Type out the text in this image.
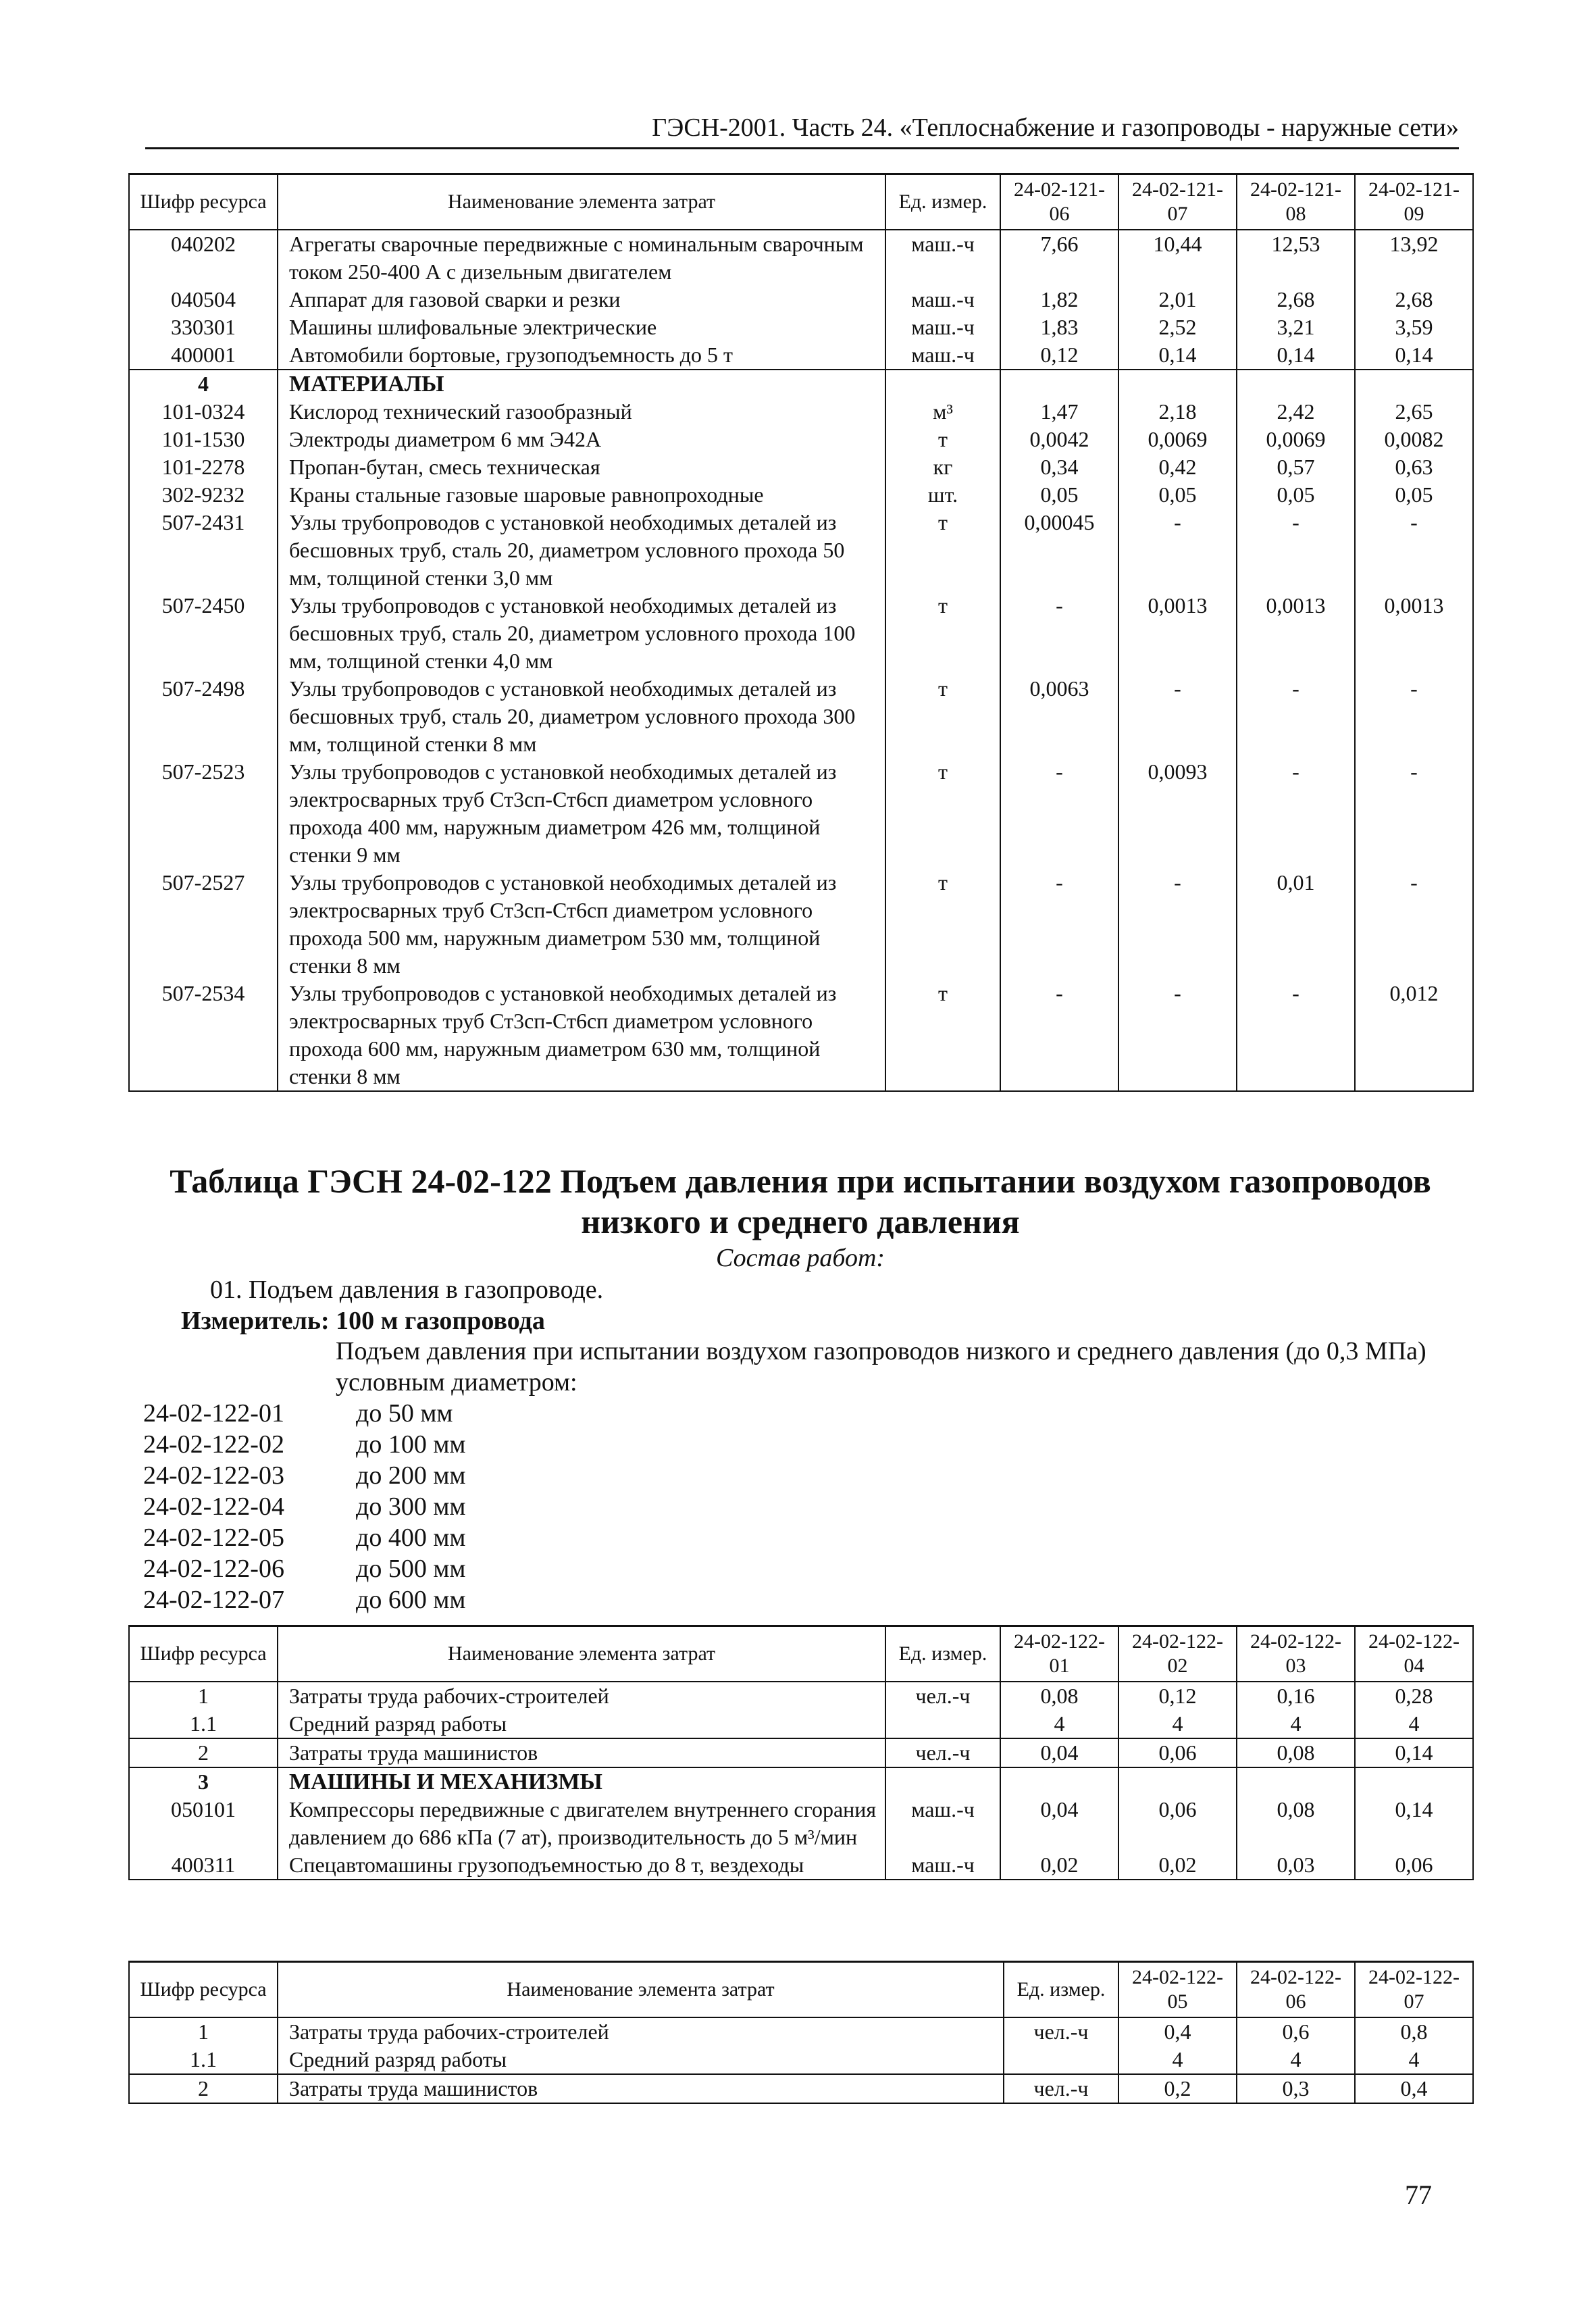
ГЭСН-2001. Часть 24. «Теплоснабжение и газопроводы - наружные сети»
Шифр ресурса	Наименование элемента затрат	Ед. измер.	24-02-121-06	24-02-121-07	24-02-121-08	24-02-121-09
040202	Агрегаты сварочные передвижные с номинальным сварочным током 250-400 А с дизельным двигателем	маш.-ч	7,66	10,44	12,53	13,92
040504	Аппарат для газовой сварки и резки	маш.-ч	1,82	2,01	2,68	2,68
330301	Машины шлифовальные электрические	маш.-ч	1,83	2,52	3,21	3,59
400001	Автомобили бортовые, грузоподъемность до 5 т	маш.-ч	0,12	0,14	0,14	0,14
4	МАТЕРИАЛЫ					
101-0324	Кислород технический газообразный	м³	1,47	2,18	2,42	2,65
101-1530	Электроды диаметром 6 мм Э42А	т	0,0042	0,0069	0,0069	0,0082
101-2278	Пропан-бутан, смесь техническая	кг	0,34	0,42	0,57	0,63
302-9232	Краны стальные газовые шаровые равнопроходные	шт.	0,05	0,05	0,05	0,05
507-2431	Узлы трубопроводов с установкой необходимых деталей из бесшовных труб, сталь 20, диаметром условного прохода 50 мм, толщиной стенки 3,0 мм	т	0,00045	-	-	-
507-2450	Узлы трубопроводов с установкой необходимых деталей из бесшовных труб, сталь 20, диаметром условного прохода 100 мм, толщиной стенки 4,0 мм	т	-	0,0013	0,0013	0,0013
507-2498	Узлы трубопроводов с установкой необходимых деталей из бесшовных труб, сталь 20, диаметром условного прохода 300 мм, толщиной стенки 8 мм	т	0,0063	-	-	-
507-2523	Узлы трубопроводов с установкой необходимых деталей из электросварных труб Ст3сп-Ст6сп диаметром условного прохода 400 мм, наружным диаметром 426 мм, толщиной стенки 9 мм	т	-	0,0093	-	-
507-2527	Узлы трубопроводов с установкой необходимых деталей из электросварных труб Ст3сп-Ст6сп диаметром условного прохода 500 мм, наружным диаметром 530 мм, толщиной стенки 8 мм	т	-	-	0,01	-
507-2534	Узлы трубопроводов с установкой необходимых деталей из электросварных труб Ст3сп-Ст6сп диаметром условного прохода 600 мм, наружным диаметром 630 мм, толщиной стенки 8 мм	т	-	-	-	0,012
Таблица ГЭСН 24-02-122 Подъем давления при испытании воздухом газопроводов низкого и среднего давления
Состав работ:
01. Подъем давления в газопроводе.
Измеритель: 100 м газопровода
Подъем давления при испытании воздухом газопроводов низкого и среднего давления (до 0,3 МПа) условным диаметром:
24-02-122-01	до 50 мм
24-02-122-02	до 100 мм
24-02-122-03	до 200 мм
24-02-122-04	до 300 мм
24-02-122-05	до 400 мм
24-02-122-06	до 500 мм
24-02-122-07	до 600 мм
Шифр ресурса	Наименование элемента затрат	Ед. измер.	24-02-122-01	24-02-122-02	24-02-122-03	24-02-122-04
1	Затраты труда рабочих-строителей	чел.-ч	0,08	0,12	0,16	0,28
1.1	Средний разряд работы		4	4	4	4
2	Затраты труда машинистов	чел.-ч	0,04	0,06	0,08	0,14
3	МАШИНЫ И МЕХАНИЗМЫ					
050101	Компрессоры передвижные с двигателем внутреннего сгорания давлением до 686 кПа (7 ат), производительность до 5 м³/мин	маш.-ч	0,04	0,06	0,08	0,14
400311	Спецавтомашины грузоподъемностью до 8 т, вездеходы	маш.-ч	0,02	0,02	0,03	0,06
Шифр ресурса	Наименование элемента затрат	Ед. измер.	24-02-122-05	24-02-122-06	24-02-122-07
1	Затраты труда рабочих-строителей	чел.-ч	0,4	0,6	0,8
1.1	Средний разряд работы		4	4	4
2	Затраты труда машинистов	чел.-ч	0,2	0,3	0,4
77
